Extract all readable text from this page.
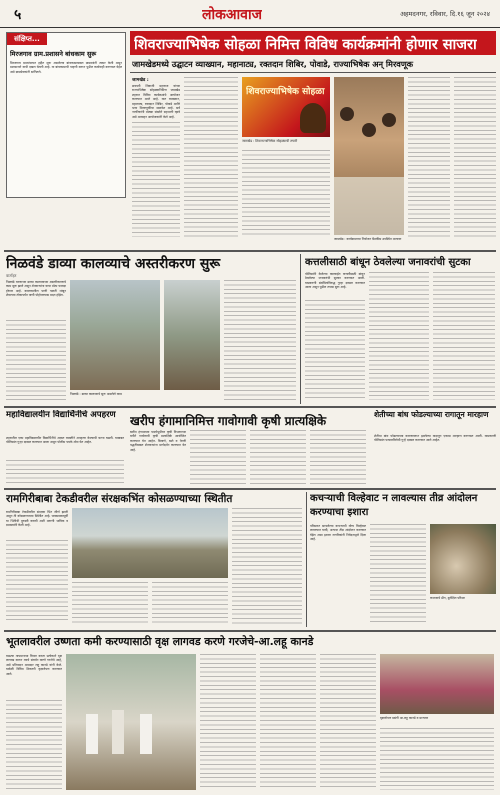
५	लोकआवाज	अहमदनगर, रविवार, दि.१६ जून २०२४
संक्षिप्त...
मिरजगाव ग्राम.प्रशासने बांधकाम सुरू
मिरजगाव ग्रामपंचायत हद्दीत सुरू असलेल्या बांधकामाबाबत ग्रामस्थांनी तक्रार केली असून प्रशासनाने याची दखल घेतली आहे. या बांधकामाची पाहणी करून पुढील कार्यवाही करण्यात येईल असे ग्रामसेवकांनी सांगितले.
शिवराज्याभिषेक सोहळा निमित्त विविध कार्यक्रमांनी होणार साजरा
जामखेडमध्ये उद्घाटन व्याख्यान, महानाट्य, रक्तदान शिबिर, पोवाडे, राज्याभिषेक अन् मिरवणूक
जामखेड :
छत्रपती शिवाजी महाराज यांच्या राज्याभिषेक सोहळ्यानिमित्त जामखेड शहरात विविध कार्यक्रमांचे आयोजन करण्यात आले आहे. यात व्याख्यान, महानाट्य, रक्तदान शिबिर, पोवाडे आणि भव्य मिरवणुकीचा समावेश आहे. सर्व नागरिकांनी मोठ्या संख्येने सहभागी व्हावे असे आवाहन आयोजकांनी केले आहे.
शिवराज्याभिषेक सोहळा
जामखेड : शिवराज्याभिषेक सोहळ्याची तयारी
जामखेड : कार्यक्रमाच्या नियोजन बैठकीस उपस्थित मान्यवर
निळवंडे डाव्या कालव्याचे अस्तरीकरण सुरू
वार्ताहर
निळवंडे धरणाच्या डाव्या कालव्याच्या अस्तरीकरणाचे काम सुरू झाले असून शेतकऱ्यांना याचा मोठा फायदा होणार आहे. कालव्यातील पाणी गळती थांबून शेवटच्या टोकापर्यंत पाणी पोहोचण्यास मदत होईल.
निळवंडे : डाव्या कालव्याचे सुरू असलेले काम
कत्तलीसाठी बांधून ठेवलेल्या जनावरांची सुटका
पोलिसांनी केलेल्या कारवाईत कत्तलीसाठी बांधून ठेवलेल्या जनावरांची सुटका करण्यात आली. याप्रकरणी संबंधितांविरुद्ध गुन्हा दाखल करण्यात आला असून पुढील तपास सुरू आहे.
महाविद्यालयीन विद्यार्थिनीचे अपहरण
शहरातील एका महाविद्यालयीन विद्यार्थिनीचे अज्ञात व्यक्तीने अपहरण केल्याची घटना घडली. याबाबत पोलिसांत गुन्हा दाखल करण्यात आला असून पोलीस पथके शोध घेत आहेत.
खरीप हंगामानिमित्त गावोगावी कृषी प्रात्यक्षिके
खरीप हंगामाच्या पार्श्वभूमीवर कृषी विभागाच्या वतीने गावोगावी कृषी प्रात्यक्षिके आयोजित करण्यात येत आहेत. बियाणे, खते व पेरणी पद्धतीबाबत शेतकऱ्यांना मार्गदर्शन करण्यात येत आहे.
शेतीच्या बांध फोडल्याच्या रागातून मारहाण
शेतीचा बांध फोडल्याच्या कारणावरून झालेल्या वादातून एकास मारहाण करण्यात आली. याप्रकरणी पोलिसांत परस्परविरोधी गुन्हे दाखल करण्यात आले आहेत.
रामगिरीबाबा टेकडीवरील संरक्षकभिंत कोसळण्याच्या स्थितीत
रामगिरीबाबा टेकडीवरील संरक्षक भिंत जीर्ण झाली असून ती कोसळण्याच्या स्थितीत आहे. पावसाळ्यापूर्वी या भिंतीची दुरुस्ती करावी अशी मागणी भाविक व ग्रामस्थांनी केली आहे.
कचऱ्याची विल्हेवाट न लावल्यास तीव्र आंदोलन करण्याचा इशारा
परिसरात साचलेल्या कचऱ्याची योग्य विल्हेवाट लावण्यात यावी, अन्यथा तीव्र आंदोलन करण्यात येईल असा इशारा नागरिकांनी निवेदनाद्वारे दिला आहे.
कचऱ्याचे ढीग, दुर्लक्षित परिसर
भूतलावरील उष्णता कमी करण्यासाठी वृक्ष लागवड करणे गरजेचे-आ.लहू कानडे
वाढत्या तापमानाचा विचार करता प्रत्येकाने वृक्ष लागवड करून त्याचे संवर्धन करणे गरजेचे आहे, असे प्रतिपादन आमदार लहू कानडे यांनी केले. यावेळी विविध ठिकाणी वृक्षारोपण करण्यात आले.
वृक्षारोपण प्रसंगी आ.लहू कानडे व मान्यवर
